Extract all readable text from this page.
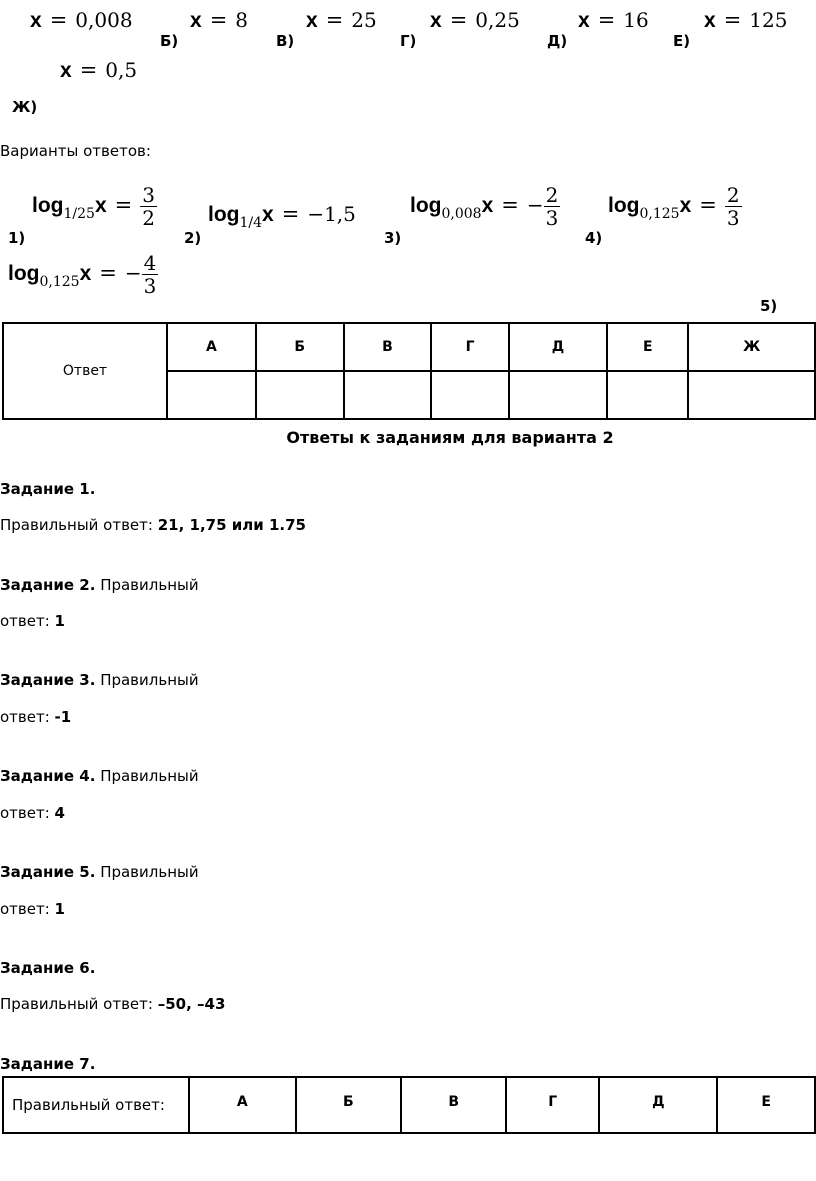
x = 0,008
Б)
x = 8
В)
x = 25
Г)
x = 0,25
Д)
x = 16
Е)
x = 125
x = 0,5
Ж)
Варианты ответов:
$\log_{1/25}x = \frac{3}{2}$
1)	2)
$\log_{1/4}x = -1,5$
3)
$\log_{0,008}x$ = − $\frac{2}{3}$
4)
$\log_{0,125}x = \frac{2}{3}$
$\log_{0,125}x$ = − $\frac{4}{3}$
5)
Ответ	А	Б	В	Г	Д	Е	Ж

Ответы к заданиям для варианта 2
Задание 1.
Правильный ответ: 21, 1,75 или 1.75
Задание 2. Правильный
ответ: 1
Задание 3. Правильный
ответ: -1
Задание 4. Правильный
ответ: 4
Задание 5. Правильный
ответ: 1
Задание 6.
Правильный ответ: –50, –43
Задание 7.
Правильный ответ:	А	Б	В	Г	Д	Е
